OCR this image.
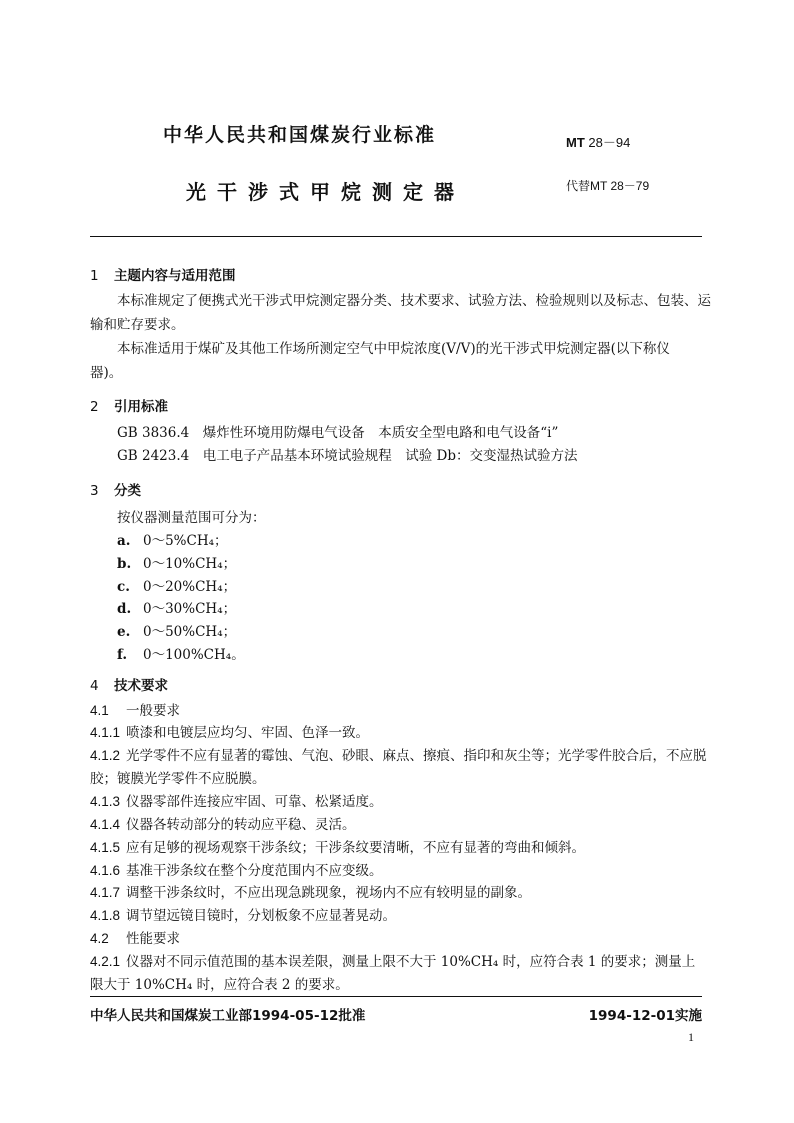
中华人民共和国煤炭行业标准	MT 28－94
光干涉式甲烷测定器	代替MT 28－79
1 主题内容与适用范围
本标准规定了便携式光干涉式甲烷测定器分类、技术要求、试验方法、检验规则以及标志、包装、运
输和贮存要求。
本标准适用于煤矿及其他工作场所测定空气中甲烷浓度(V/V)的光干涉式甲烷测定器(以下称仪
器)。
2 引用标准
GB 3836.4　爆炸性环境用防爆电气设备　本质安全型电路和电气设备“i”
GB 2423.4　电工电子产品基本环境试验规程　试验 Db：交变湿热试验方法
3 分类
按仪器测量范围可分为：
a. 0～5%CH₄；
b. 0～10%CH₄；
c. 0～20%CH₄；
d. 0～30%CH₄；
e. 0～50%CH₄；
f. 0～100%CH₄。
4 技术要求
4.1 一般要求
4.1.1 喷漆和电镀层应均匀、牢固、色泽一致。
4.1.2 光学零件不应有显著的霉蚀、气泡、砂眼、麻点、擦痕、指印和灰尘等；光学零件胶合后，不应脱
胶；镀膜光学零件不应脱膜。
4.1.3 仪器零部件连接应牢固、可靠、松紧适度。
4.1.4 仪器各转动部分的转动应平稳、灵活。
4.1.5 应有足够的视场观察干涉条纹；干涉条纹要清晰，不应有显著的弯曲和倾斜。
4.1.6 基准干涉条纹在整个分度范围内不应变级。
4.1.7 调整干涉条纹时，不应出现急跳现象，视场内不应有较明显的副象。
4.1.8 调节望远镜目镜时，分划板象不应显著晃动。
4.2 性能要求
4.2.1 仪器对不同示值范围的基本误差限，测量上限不大于 10%CH₄ 时，应符合表 1 的要求；测量上
限大于 10%CH₄ 时，应符合表 2 的要求。
中华人民共和国煤炭工业部1994-05-12批准	1994-12-01实施
1
